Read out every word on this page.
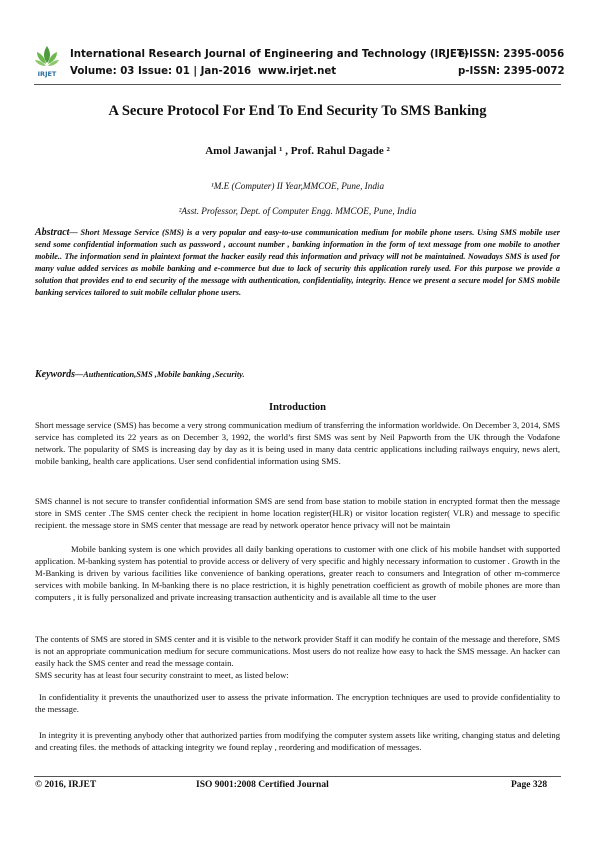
IRJET
International Research Journal of Engineering and Technology (IRJET)
Volume: 03 Issue: 01 | Jan-2016 www.irjet.net
e-ISSN: 2395-0056
p-ISSN: 2395-0072
A Secure Protocol For End To End Security To SMS Banking
Amol Jawanjal ¹ , Prof. Rahul Dagade ²
¹M.E (Computer) II Year,MMCOE, Pune, India
²Asst. Professor, Dept. of Computer Engg. MMCOE, Pune, India
Abstract— Short Message Service (SMS) is a very popular and easy-to-use communication medium for mobile phone users. Using SMS mobile user send some confidential information such as password , account number , banking information in the form of text message from one mobile to another mobile.. The information send in plaintext format the hacker easily read this information and privacy will not be maintained. Nowadays SMS is used for many value added services as mobile banking and e-commerce but due to lack of security this application rarely used. For this purpose we provide a solution that provides end to end security of the message with authentication, confidentiality, integrity. Hence we present a secure model for SMS mobile banking services tailored to suit mobile cellular phone users.
Keywords—Authentication,SMS ,Mobile banking ,Security.
Introduction

Short message service (SMS) has become a very strong communication medium of transferring the information worldwide. On December 3, 2014, SMS service has completed its 22 years as on December 3, 1992, the world’s first SMS was sent by Neil Papworth from the UK through the Vodafone network. The popularity of SMS is increasing day by day as it is being used in many data centric applications including railways enquiry, news alert, mobile banking, health care applications. User send confidential information using SMS.

SMS channel is not secure to transfer confidential information SMS are send from base station to mobile station in encrypted format then the message store in SMS center .The SMS center check the recipient in home location register(HLR) or visitor location register( VLR) and message to specific recipient. the message store in SMS center that message are read by network operator hence privacy will not be maintain

Mobile banking system is one which provides all daily banking operations to customer with one click of his mobile handset with supported application. M-banking system has potential to provide access or delivery of very specific and highly necessary information to customer . Growth in the M-Banking is driven by various facilities like convenience of banking operations, greater reach to consumers and Integration of other m-commerce services with mobile banking. In M-banking there is no place restriction, it is highly penetration coefficient as growth of mobile phones are more than computers , it is fully personalized and private increasing transaction authenticity and is available all time to the user

The contents of SMS are stored in SMS center and it is visible to the network provider Staff it can modify he contain of the message and therefore, SMS is not an appropriate communication medium for secure communications. Most users do not realize how easy to hack the SMS message. An hacker can easily hack the SMS center and read the message contain.

SMS security has at least four security constraint to meet, as listed below:

In confidentiality it prevents the unauthorized user to assess the private information. The encryption techniques are used to provide confidentiality to the message.

In integrity it is preventing anybody other that authorized parties from modifying the computer system assets like writing, changing status and deleting and creating files. the methods of attacking integrity we found replay , reordering and modification of messages.

© 2016, IRJET	ISO 9001:2008 Certified Journal	Page 328
